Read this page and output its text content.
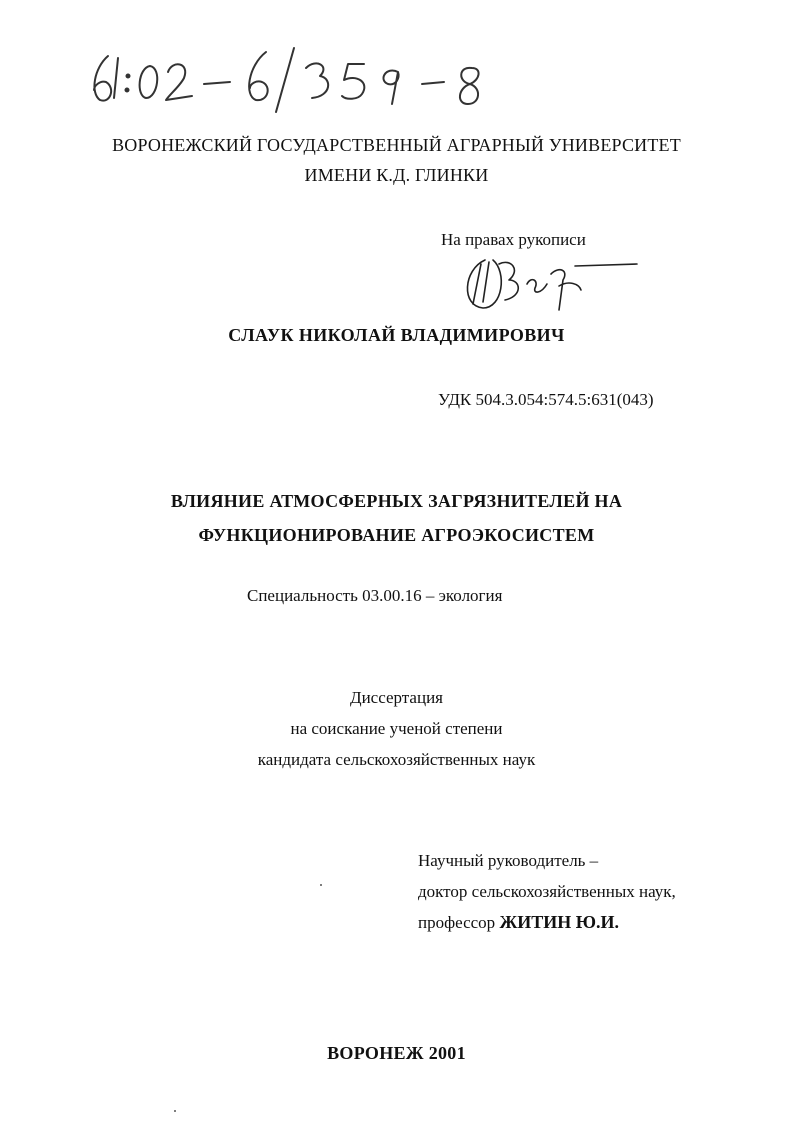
ВОРОНЕЖСКИЙ ГОСУДАРСТВЕННЫЙ АГРАРНЫЙ УНИВЕРСИТЕТ
ИМЕНИ К.Д. ГЛИНКИ
На правах рукописи
СЛАУК НИКОЛАЙ ВЛАДИМИРОВИЧ
УДК 504.3.054:574.5:631(043)
ВЛИЯНИЕ АТМОСФЕРНЫХ ЗАГРЯЗНИТЕЛЕЙ НА
ФУНКЦИОНИРОВАНИЕ АГРОЭКОСИСТЕМ
Специальность 03.00.16 – экология
Диссертация
на соискание ученой степени
кандидата сельскохозяйственных наук
Научный руководитель –
доктор сельскохозяйственных наук,
профессор ЖИТИН Ю.И.
ВОРОНЕЖ 2001
